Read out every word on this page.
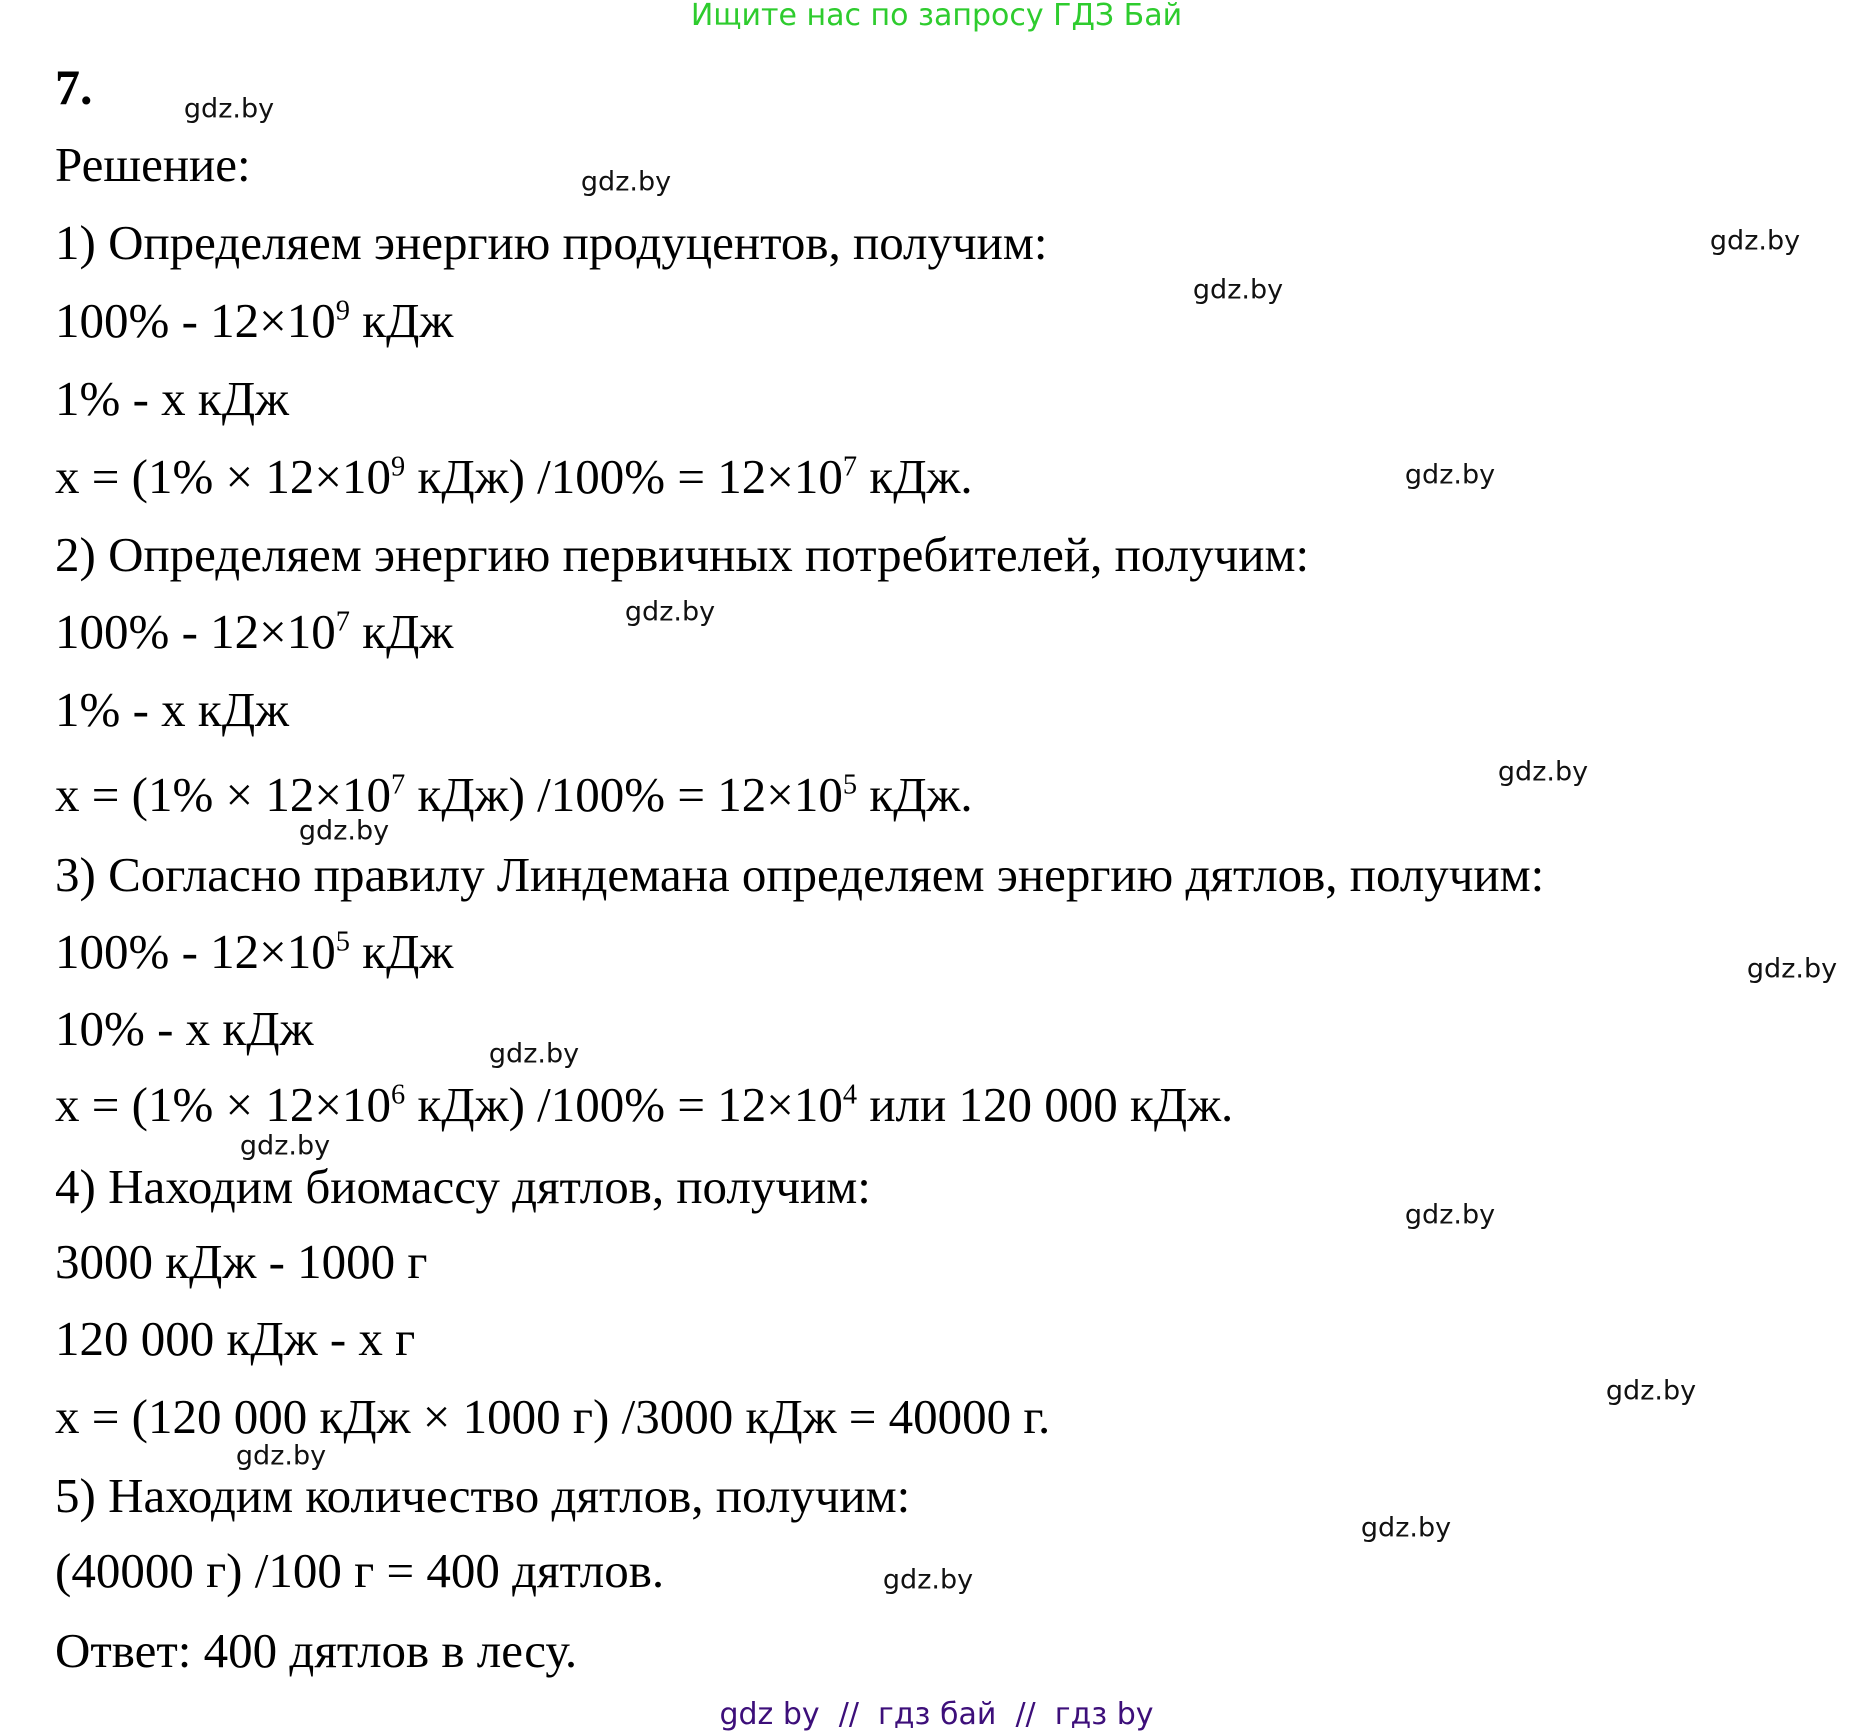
Ищите нас по запросу ГДЗ Бай
7.
Решение:
1) Определяем энергию продуцентов, получим:
$100\% - 12\times 10^9$ кДж
1% - x кДж
$x = (1\% \times 12\times 10^9$ кДж) $/100\% = 12\times 10^7$ кДж.
2) Определяем энергию первичных потребителей, получим:
$100\% - 12\times 10^7$ кДж
1% - x кДж
$x = (1\% \times 12\times 10^7$ кДж) $/100\% = 12\times 10^5$ кДж.
3) Согласно правилу Линдемана определяем энергию дятлов, получим:
$100\% - 12\times 10^5$ кДж
10% - x кДж
$x = (1\% \times 12\times 10^6$ кДж) $/100\% = 12\times 10^4$ или 120 000 кДж.
4) Находим биомассу дятлов, получим:
3000 кДж - 1000 г
120 000 кДж - x г
x = (120 000 кДж × 1000 г) /3000 кДж = 40000 г.
5) Находим количество дятлов, получим:
(40000 г) /100 г = 400 дятлов.
Ответ: 400 дятлов в лесу.
gdz.by
gdz.by
gdz.by
gdz.by
gdz.by
gdz.by
gdz.by
gdz.by
gdz.by
gdz.by
gdz.by
gdz.by
gdz.by
gdz.by
gdz.by
gdz.by
gdz by  //  гдз бай  //  гдз by
